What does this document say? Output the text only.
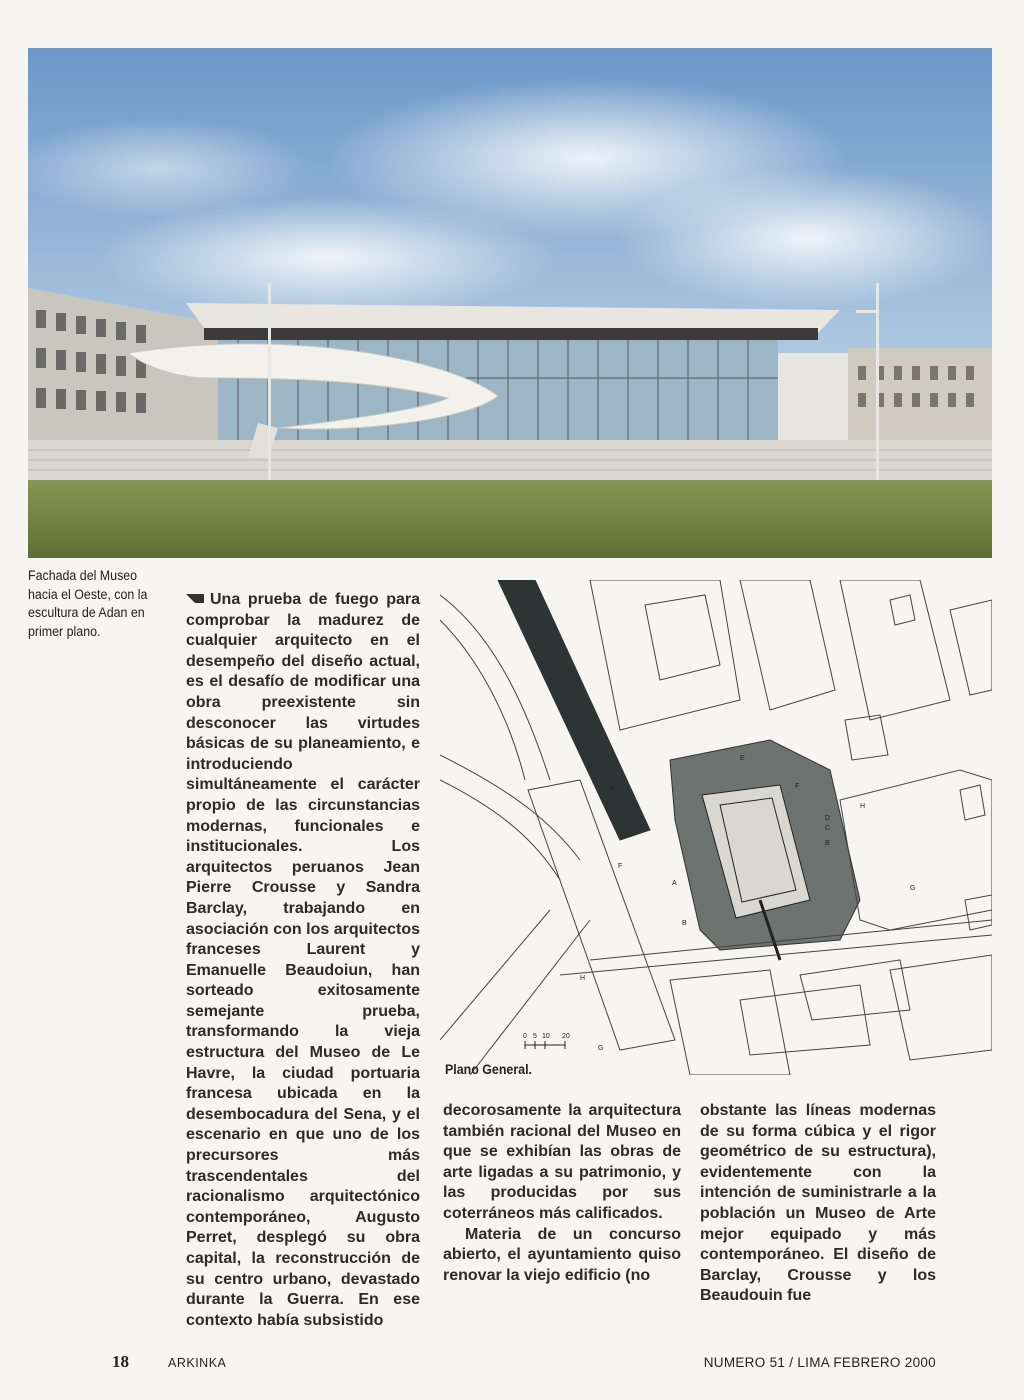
Fachada del Museo hacia el Oeste, con la escultura de Adan en primer plano.

Una prueba de fuego para comprobar la madurez de cualquier arquitecto en el desempeño del diseño actual, es el desafío de modificar una obra preexistente sin desconocer las virtudes básicas de su planeamiento, e introduciendo simultáneamente el carácter propio de las circunstancias modernas, funcionales e institucionales. Los arquitectos peruanos Jean Pierre Crousse y Sandra Barclay, trabajando en asociación con los arquitectos franceses Laurent y Emanuelle Beaudoiun, han sorteado exitosamente semejante prueba, transformando la vieja estructura del Museo de Le Havre, la ciudad portuaria francesa ubicada en la desembocadura del Sena, y el escenario en que uno de los precursores más trascendentales del racionalismo arquitectónico contemporáneo, Augusto Perret, desplegó su obra capital, la reconstrucción de su centro urbano, devastado durante la Guerra. En ese contexto había subsistido

0 5 10 20
A
A
B
B
C
D
E
F
F
G
G
H
H
Plano General.

decorosamente la arquitectura también racional del Museo en que se exhibían las obras de arte ligadas a su patrimonio, y las producidas por sus coterráneos más calificados.

Materia de un concurso abierto, el ayuntamiento quiso renovar la viejo edificio (no

obstante las líneas modernas de su forma cúbica y el rigor geométrico de su estructura), evidentemente con la intención de suministrarle a la población un Museo de Arte mejor equipado y más contemporáneo. El diseño de Barclay, Crousse y los Beaudouin fue

18	ARKINKA	NUMERO 51 / LIMA FEBRERO 2000
